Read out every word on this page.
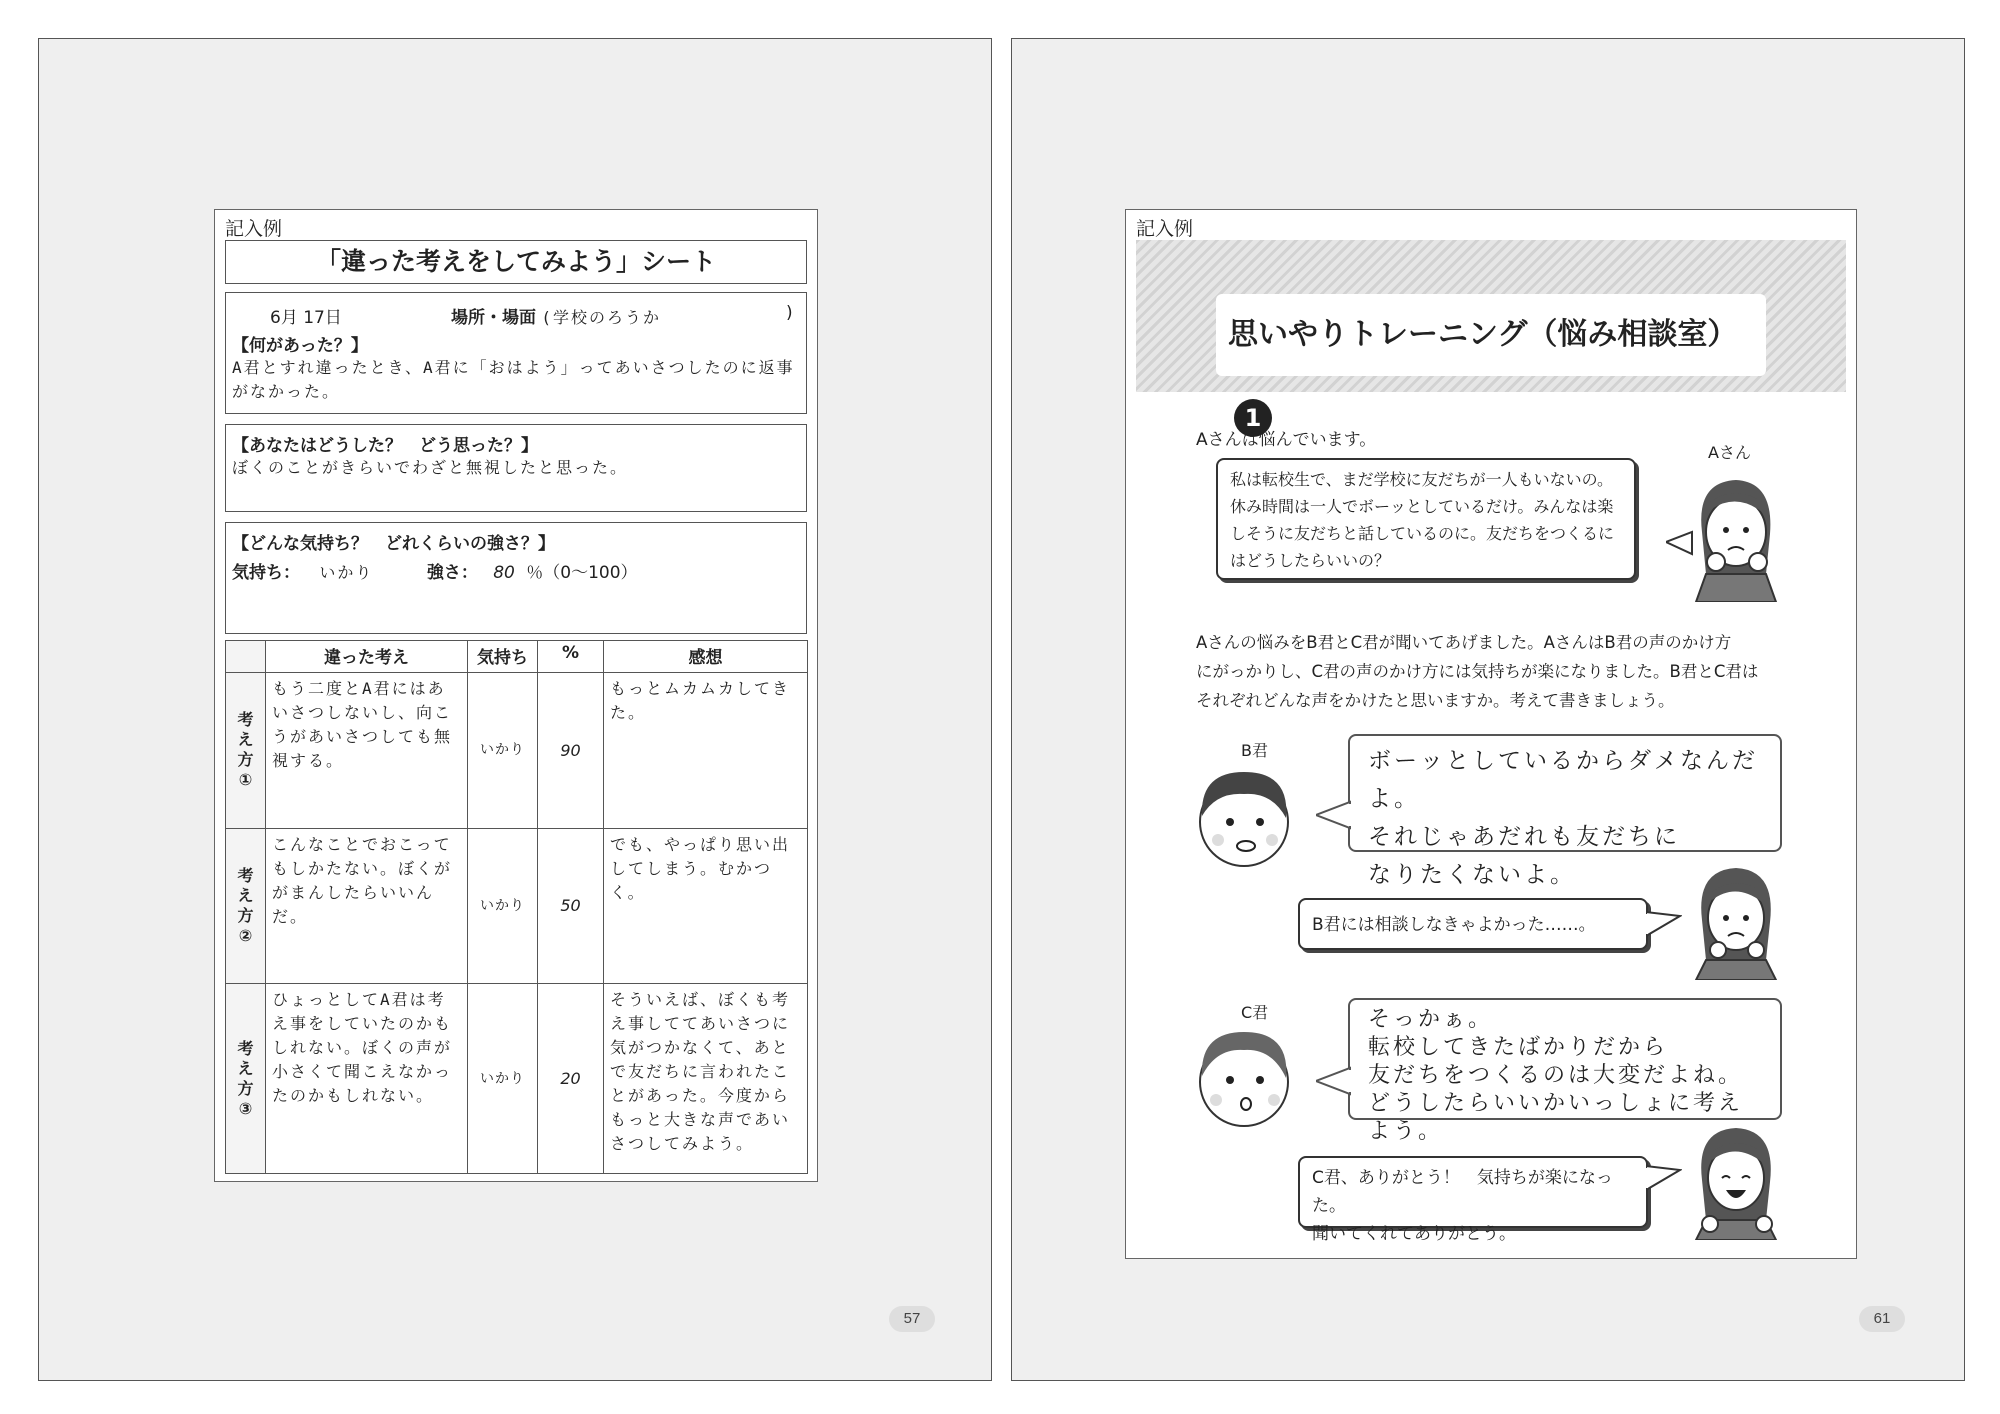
記入例
「違った考えをしてみよう」シート
6月 17日	場所・場面 (学校のろうか	)
【何があった？】
A君とすれ違ったとき、A君に「おはよう」ってあいさつしたのに返事がなかった。
【あなたはどうした？　どう思った？】
ぼくのことがきらいでわざと無視したと思った。
【どんな気持ち？　どれくらいの強さ？】
気持ち： いかり	強さ： 80 ％（0〜100）
	違った考え	気持ち	%	感想

考
え
方
①	もう二度とA君にはあいさつしないし、向こうがあいさつしても無視する。	いかり	90	もっとムカムカしてきた。

考
え
方
②	こんなことでおこってもしかたない。ぼくががまんしたらいいんだ。	いかり	50	でも、やっぱり思い出してしまう。むかつく。

考
え
方
③	ひょっとしてA君は考え事をしていたのかもしれない。ぼくの声が小さくて聞こえなかったのかもしれない。	いかり	20	そういえば、ぼくも考え事しててあいさつに気がつかなくて、あとで友だちに言われたことがあった。今度からもっと大きな声であいさつしてみよう。
57
記入例
思いやりトレーニング（悩み相談室）1
Aさんは悩んでいます。
私は転校生で、まだ学校に友だちが一人もいないの。
休み時間は一人でボーッとしているだけ。みんなは楽
しそうに友だちと話しているのに。友だちをつくるに
はどうしたらいいの？
Aさん
Aさんの悩みをB君とC君が聞いてあげました。AさんはB君の声のかけ方
にがっかりし、C君の声のかけ方には気持ちが楽になりました。B君とC君は
それぞれどんな声をかけたと思いますか。考えて書きましょう。
B君	ボーッとしているからダメなんだよ。
それじゃあだれも友だちに
なりたくないよ。
B君には相談しなきゃよかった……。
C君	そっかぁ。
転校してきたばかりだから
友だちをつくるのは大変だよね。
どうしたらいいかいっしょに考えよう。
C君、ありがとう！　気持ちが楽になった。
聞いてくれてありがとう。
61
